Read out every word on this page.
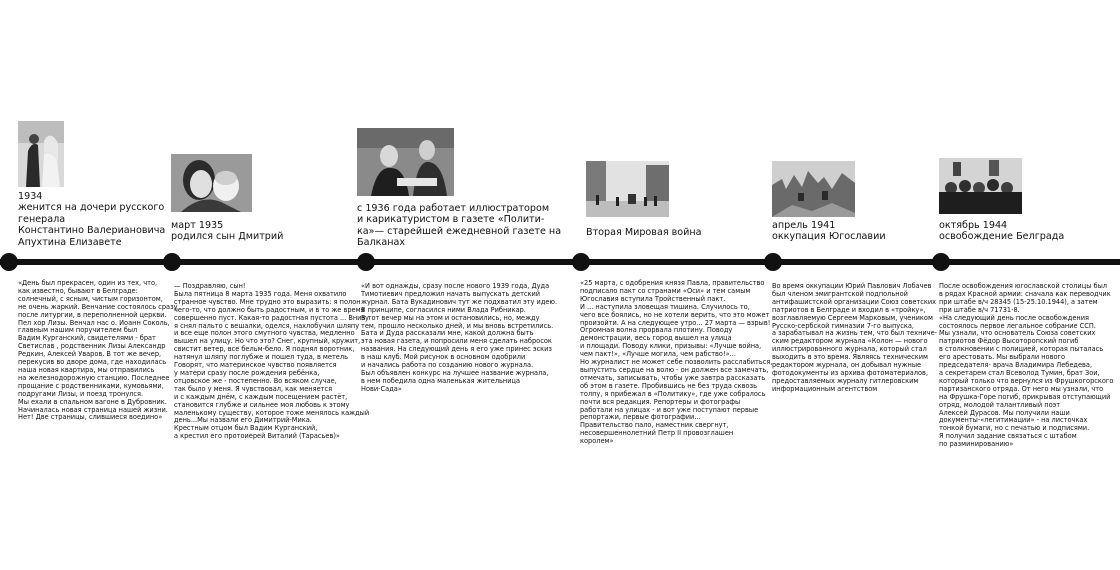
1934
женится на дочери русского
генерала
Константино Валериановича
Апухтина Елизавете
март 1935
родился сын Дмитрий
с 1936 года работает иллюстратором
и карикатуристом в газете «Полити-
ка»— старейшей ежедневной газете на
Балканах
Вторая Мировая война
апрель 1941
оккупация Югославии
октябрь 1944
освобождение Белграда
«День был прекрасен, один из тех, что,
как известно, бывают в Белграде:
солнечный, с ясным, чистым горизонтом,
не очень жаркий. Венчание состоялось сразу
после литургии, в переполненной церкви.
Пел хор Лизы. Венчал нас о. Иоанн Соколь,
главным нашим поручителем был
Вадим Курганский, свидетелями - брат
Светислав , родственник Лизы Александр
Редкин, Алексей Уваров. В тот же вечер,
перекусив во дворе дома, где находилась
наша новая квартира, мы отправились
на железнодорожную станцию. Последнее
прощание с родственниками, кумовьями,
подругами Лизы, и поезд тронулся.
Мы ехали в спальном вагоне в Дубровник.
Начиналась новая страница нашей жизни.
Нет! Две страницы, слившиеся воедино»
— Поздравляю, сын!
Была пятница 8 марта 1935 года. Меня охватило
странное чувство. Мне трудно это выразить: я полон
чего-то, что должно быть радостным, и в то же время
совершенно пуст. Какая-то радостная пустота ... Внизу
я снял пальто с вешалки, оделся, нахлобучил шляпу
и все еще полон этого смутного чувства, медленно
вышел на улицу. Но что это? Снег, крупный, кружит,
свистит ветер, все бельм-бело. Я поднял воротник,
натянул шляпу поглубже и пошел туда, в метель
Говорят, что материнское чувство появляется
у матери сразу после рождения ребёнка,
отцовское же - постепенно. Во всяком случае,
так было у меня. Я чувствовал, как меняется
и с каждым днём, с каждым посещением растёт,
становится глубже и сильнее моя любовь к этому
маленькому существу, которое тоже менялось каждый
день...Мы назвали его Димитрий-Мика.
Крестным отцом был Вадим Курганский,
а крестил его протоиерей Виталий (Тарасьев)»
«И вот однажды, сразу после нового 1939 года, Дуда
Тимотиевич предложил начать выпускать детский
журнал. Бата Вукадинович тут же подхватил эту идею.
В принципе, согласился ними Влада Рибникар.
В тот вечер мы на этом и остановились, но, между
тем, прошло несколько дней, и мы вновь встретились.
Бата и Дуда рассказали мне, какой должна быть
эта новая газета, и попросили меня сделать набросок
названия. На следующий день я его уже принес эскиз
в наш клуб. Мой рисунок в основном одобрили
и начались работа по созданию нового журнала.
Был объявлен конкурс на лучшее название журнала,
в нем победила одна маленькая жительница
Нови-Сада»
«25 марта, с одобрения князя Павла, правительство
подписало пакт со странами «Оси» и тем самым
Югославия вступила Тройственный пакт.
И ... наступила зловещая тишина. Случилось то,
чего все боялись, но не хотели верить, что это может
произойти. А на следующее утро... 27 марта — взрыв!
Огромная волна прорвала плотину. Поводу
демонстрации, весь город вышел на улица
и площади. Поводу клики, призывы: «Лучше война,
чем пакт!», «Лучше могила, чем рабство!»...
Но журналист не может себе позволить расслабиться,
выпустить сердце на волю - он должен все замечать,
отмечать, записывать, чтобы уже завтра рассказать
об этом в газете. Пробившись не без труда сквозь
толпу, я прибежал в «Политику», где уже собралось
почти вся редакция. Репортеры и фотографы
работали на улицах - и вот уже поступают первые
репортажи, первые фотографии...
Правительство пало, наместник свергнут,
несовершеннолетний Петр II провозглашен
королем»
Во время оккупации Юрий Павлович Лобачев
был членом эмигрантской подпольной
антифашистской организации Союз советских
патриотов в Белграде и входил в «тройку»,
возглавляемую Сергеем Марковым, учеником
Русско-сербской гимназии 7-го выпуска,
а зарабатывал на жизнь тем, что был техниче-
ским редактором журнала «Колон — нового
иллюстрированного журнала, который стал
выходить в это время. Являясь техническим
редактором журнала, он добывал нужные
фотодокументы из архива фотоматериалов,
предоставляемых журналу гитлеровским
информационным агентством
После освобождения югославской столицы был
в рядах Красной армии: сначала как переводчик
при штабе в/ч 28345 (15-25.10.1944), а затем
при штабе в/ч 71731-8.
«На следующий день после освобождения
состоялось первое легальное собрание ССП.
Мы узнали, что основатель Союза советских
патриотов Фёдор Высоторопский погиб
в столкновении с полицией, которая пыталась
его арестовать. Мы выбрали нового
председателя- врача Владимира Лебедева,
а секретарем стал Всеволод Тумин, брат Зои,
который только что вернулся из Фрушкогорского
партизанского отряда. От него мы узнали, что
на Фрушка-Горе погиб, прикрывая отступающий
отряд, молодой талантливый поэт
Алексей Дурасов. Мы получили наши
документы-«легитимации» - на листочках
тонкой бумаги, но с печатью и подписями.
Я получил задание связаться с штабом
по разминированию»
